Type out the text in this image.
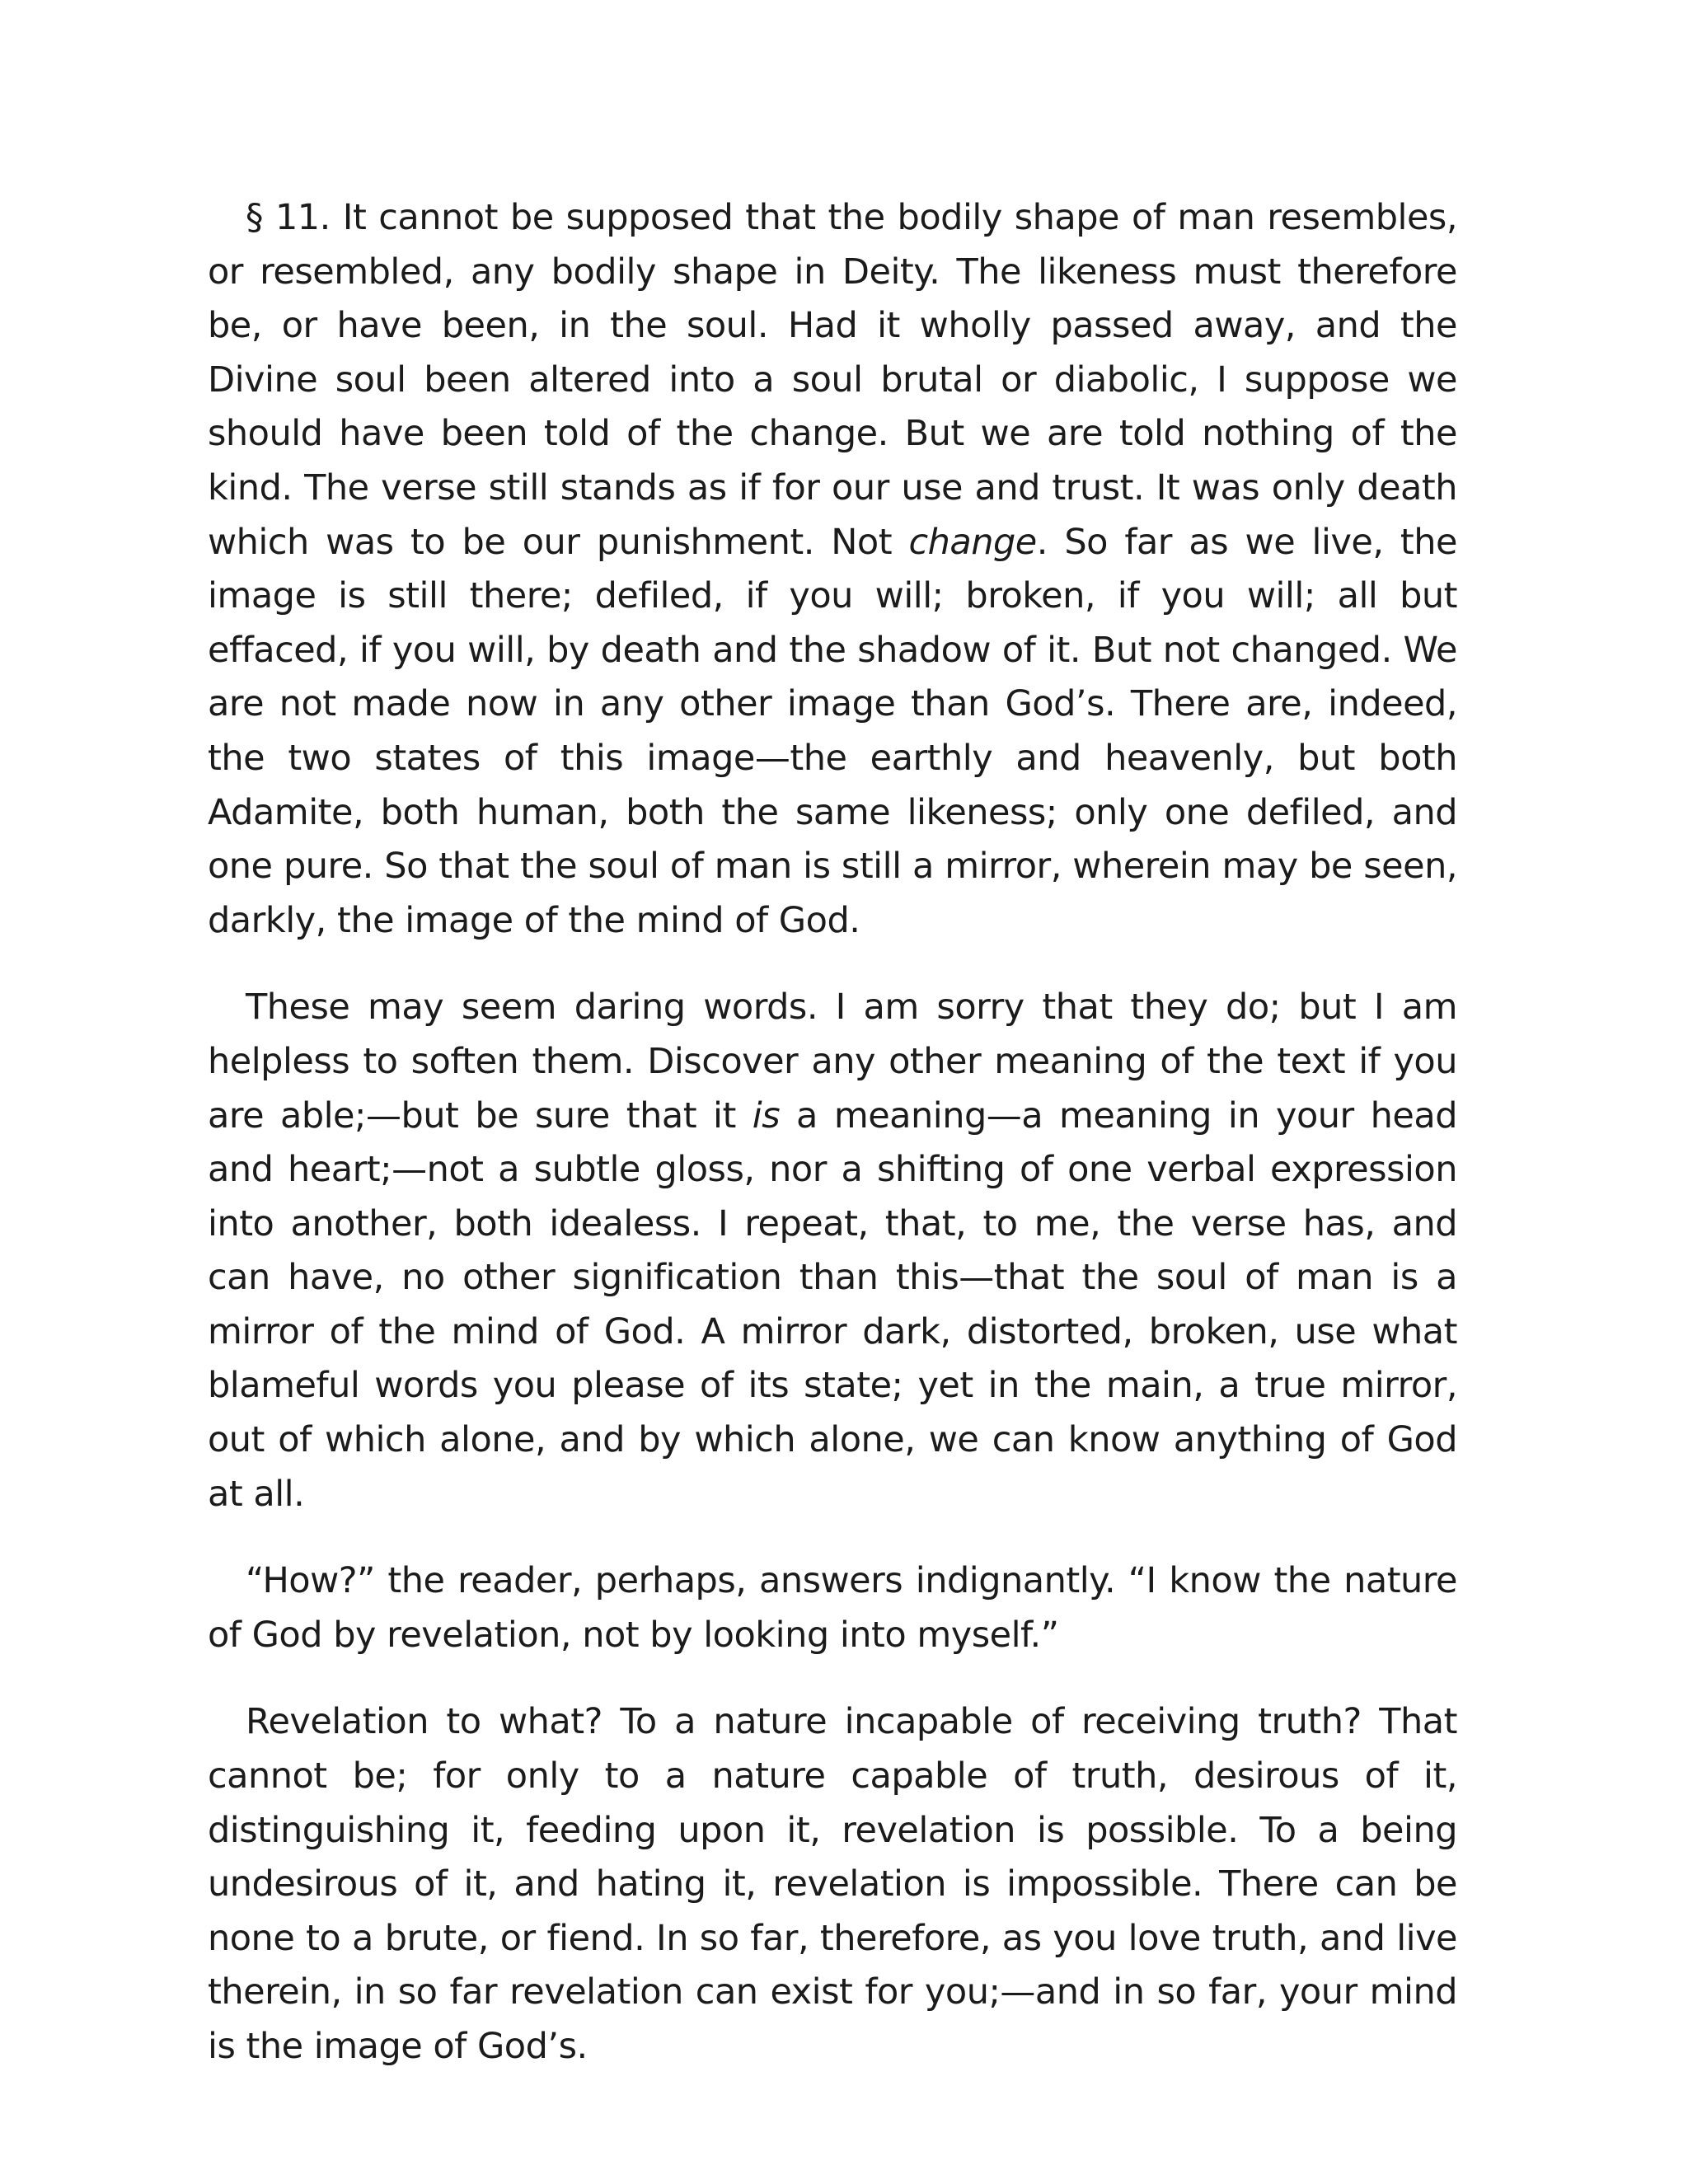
§ 11. It cannot be supposed that the bodily shape of man resembles, or resembled, any bodily shape in Deity. The likeness must therefore be, or have been, in the soul. Had it wholly passed away, and the Divine soul been altered into a soul brutal or diabolic, I suppose we should have been told of the change. But we are told nothing of the kind. The verse still stands as if for our use and trust. It was only death which was to be our punishment. Not change. So far as we live, the image is still there; defiled, if you will; broken, if you will; all but effaced, if you will, by death and the shadow of it. But not changed. We are not made now in any other image than God’s. There are, indeed, the two states of this image—the earthly and heavenly, but both Adamite, both human, both the same likeness; only one defiled, and one pure. So that the soul of man is still a mirror, wherein may be seen, darkly, the image of the mind of God.

These may seem daring words. I am sorry that they do; but I am helpless to soften them. Discover any other meaning of the text if you are able;—but be sure that it is a meaning—a meaning in your head and heart;—not a subtle gloss, nor a shifting of one verbal expression into another, both idealess. I repeat, that, to me, the verse has, and can have, no other signification than this—that the soul of man is a mirror of the mind of God. A mirror dark, distorted, broken, use what blameful words you please of its state; yet in the main, a true mirror, out of which alone, and by which alone, we can know anything of God at all.

“How?” the reader, perhaps, answers indignantly. “I know the nature of God by revelation, not by looking into myself.”

Revelation to what? To a nature incapable of receiving truth? That cannot be; for only to a nature capable of truth, desirous of it, distinguishing it, feeding upon it, revelation is possible. To a being undesirous of it, and hating it, revelation is impossible. There can be none to a brute, or fiend. In so far, therefore, as you love truth, and live therein, in so far revelation can exist for you;—and in so far, your mind is the image of God’s.
